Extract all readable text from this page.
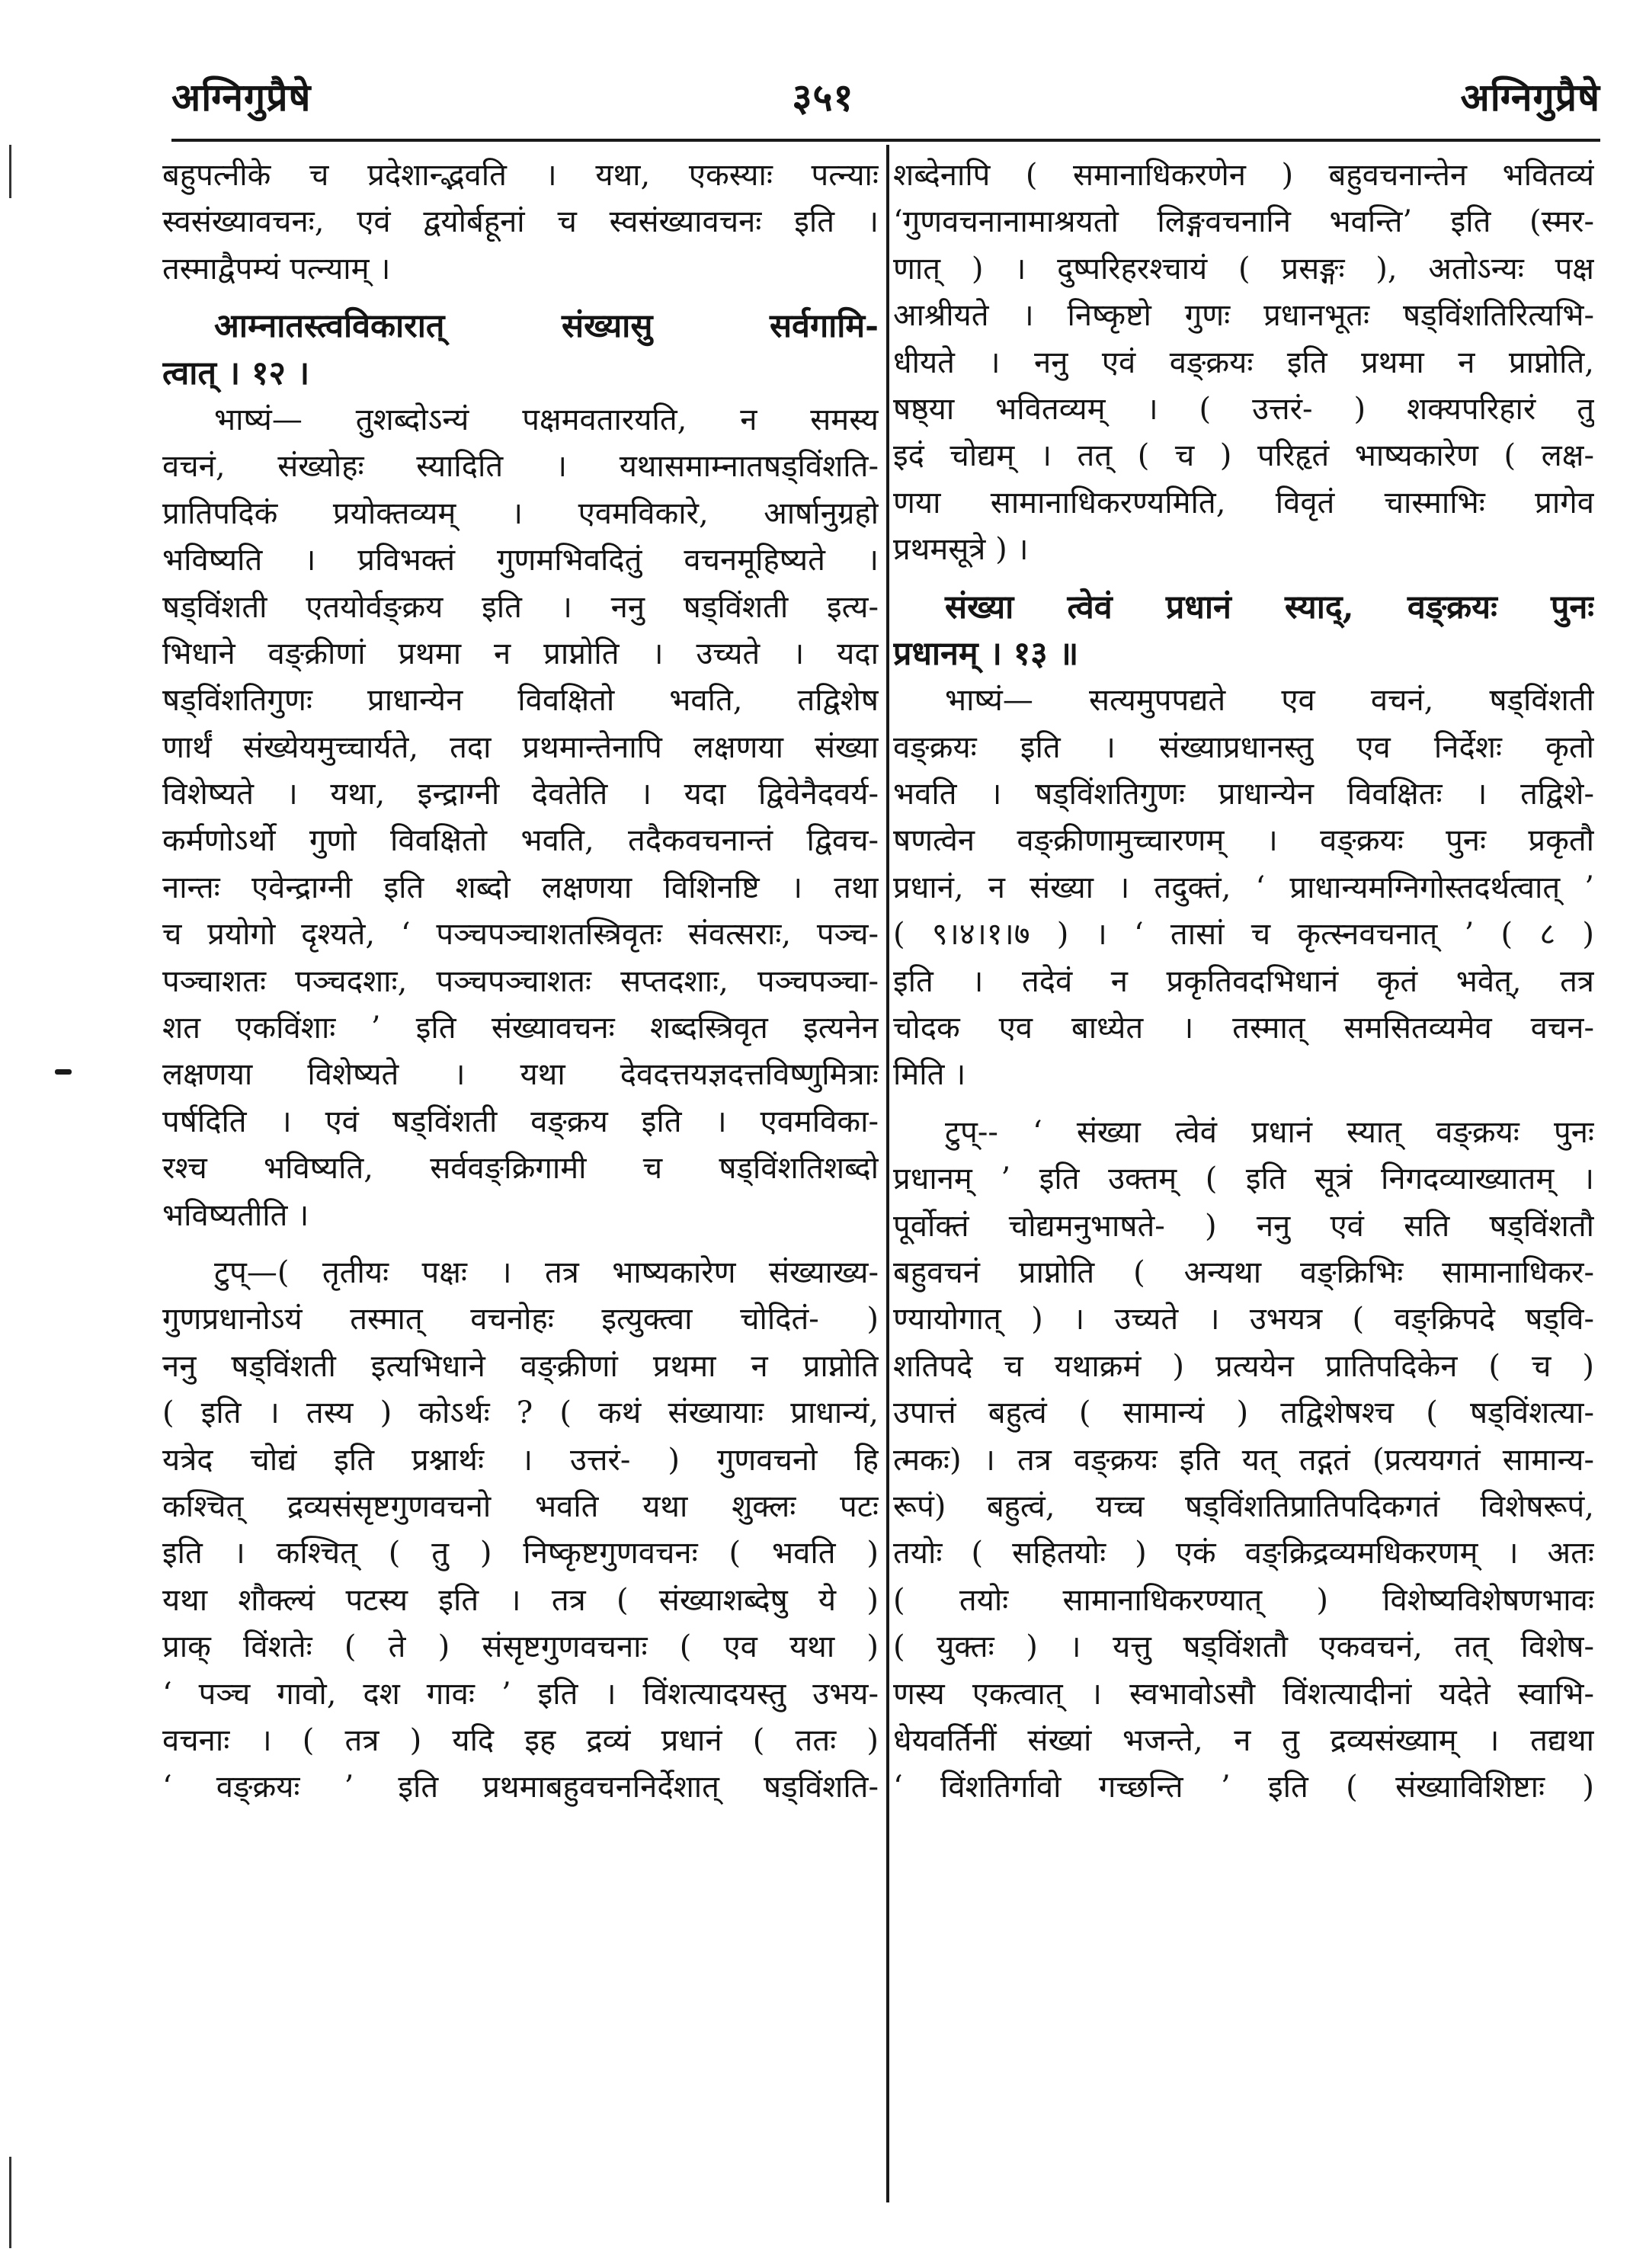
अग्निगुप्रैषे	३५१	अग्निगुप्रैषे
बहुपत्नीके च प्रदेशान्द्भवति । यथा, एकस्याः पत्न्याः
स्वसंख्यावचनः, एवं द्वयोर्बहूनां च स्वसंख्यावचनः इति ।
तस्माद्वैपम्यं पत्न्याम् ।
आम्नातस्त्वविकारात् संख्यासु सर्वगामि-
त्वात् । १२ ।
भाष्यं— तुशब्दोऽन्यं पक्षमवतारयति, न समस्य
वचनं, संख्योहः स्यादिति । यथासमाम्नातषड्विंशति-
प्रातिपदिकं प्रयोक्तव्यम् । एवमविकारे, आर्षानुग्रहो
भविष्यति । प्रविभक्तं गुणमभिवदितुं वचनमूहिष्यते ।
षड्विंशती एतयोर्वङ्क्रय इति । ननु षड्विंशती इत्य-
भिधाने वङ्क्रीणां प्रथमा न प्राप्नोति । उच्यते । यदा
षड्विंशतिगुणः प्राधान्येन विवक्षितो भवति, तद्विशेष
णार्थं संख्येयमुच्चार्यते, तदा प्रथमान्तेनापि लक्षणया संख्या
विशेष्यते । यथा, इन्द्राग्नी देवतेति । यदा द्विवेनैदवर्य-
कर्मणोऽर्थो गुणो विवक्षितो भवति, तदैकवचनान्तं द्विवच-
नान्तः एवेन्द्राग्नी इति शब्दो लक्षणया विशिनष्टि । तथा
च प्रयोगो दृश्यते, ‘ पञ्चपञ्चाशतस्त्रिवृतः संवत्सराः, पञ्च-
पञ्चाशतः पञ्चदशाः, पञ्चपञ्चाशतः सप्तदशाः, पञ्चपञ्चा-
शत एकविंशाः ’ इति संख्यावचनः शब्दस्त्रिवृत इत्यनेन
लक्षणया विशेष्यते । यथा देवदत्तयज्ञदत्तविष्णुमित्राः
पर्षदिति । एवं षड्विंशती वङ्क्रय इति । एवमविका-
रश्च भविष्यति, सर्ववङ्क्रिगामी च षड्विंशतिशब्दो
भविष्यतीति ।
टुप्—( तृतीयः पक्षः । तत्र भाष्यकारेण संख्याख्य-
गुणप्रधानोऽयं तस्मात् वचनोहः इत्युक्त्वा चोदितं- )
ननु षड्विंशती इत्यभिधाने वङ्क्रीणां प्रथमा न प्राप्नोति
( इति । तस्य ) कोऽर्थः ? ( कथं संख्यायाः प्राधान्यं,
यत्रेद चोद्यं इति प्रश्नार्थः । उत्तरं- ) गुणवचनो हि
कश्चित् द्रव्यसंसृष्टगुणवचनो भवति यथा शुक्लः पटः
इति । कश्चित् ( तु ) निष्कृष्टगुणवचनः ( भवति )
यथा शौक्ल्यं पटस्य इति । तत्र ( संख्याशब्देषु ये )
प्राक् विंशतेः ( ते ) संसृष्टगुणवचनाः ( एव यथा )
‘ पञ्च गावो, दश गावः ’ इति । विंशत्यादयस्तु उभय-
वचनाः । ( तत्र ) यदि इह द्रव्यं प्रधानं ( ततः )
‘ वङ्क्रयः ’ इति प्रथमाबहुवचननिर्देशात् षड्विंशति-
शब्देनापि ( समानाधिकरणेन ) बहुवचनान्तेन भवितव्यं
‘गुणवचनानामाश्रयतो लिङ्गवचनानि भवन्ति’ इति (स्मर-
णात् ) । दुष्परिहरश्चायं ( प्रसङ्गः ), अतोऽन्यः पक्ष
आश्रीयते । निष्कृष्टो गुणः प्रधानभूतः षड्विंशतिरित्यभि-
धीयते । ननु एवं वङ्क्रयः इति प्रथमा न प्राप्नोति,
षष्ठ्या भवितव्यम् । ( उत्तरं- ) शक्यपरिहारं तु
इदं चोद्यम् । तत् ( च ) परिहृतं भाष्यकारेण ( लक्ष-
णया सामानाधिकरण्यमिति, विवृतं चास्माभिः प्रागेव
प्रथमसूत्रे ) ।
संख्या त्वेवं प्रधानं स्याद्, वङ्क्रयः पुनः
प्रधानम् । १३ ॥
भाष्यं— सत्यमुपपद्यते एव वचनं, षड्विंशती
वङ्क्रयः इति । संख्याप्रधानस्तु एव निर्देशः कृतो
भवति । षड्विंशतिगुणः प्राधान्येन विवक्षितः । तद्विशे-
षणत्वेन वङ्क्रीणामुच्चारणम् । वङ्क्रयः पुनः प्रकृतौ
प्रधानं, न संख्या । तदुक्तं, ‘ प्राधान्यमग्निगोस्तदर्थत्वात् ’
( ९।४।१।७ ) । ‘ तासां च कृत्स्नवचनात् ’ ( ८ )
इति । तदेवं न प्रकृतिवदभिधानं कृतं भवेत्, तत्र
चोदक एव बाध्येत । तस्मात् समसितव्यमेव वचन-
मिति ।
टुप्-- ‘ संख्या त्वेवं प्रधानं स्यात् वङ्क्रयः पुनः
प्रधानम् ’ इति उक्तम् ( इति सूत्रं निगदव्याख्यातम् ।
पूर्वोक्तं चोद्यमनुभाषते- ) ननु एवं सति षड्विंशतौ
बहुवचनं प्राप्नोति ( अन्यथा वङ्क्रिभिः सामानाधिकर-
ण्यायोगात् ) । उच्यते । उभयत्र ( वङ्क्रिपदे षड्वि-
शतिपदे च यथाक्रमं ) प्रत्ययेन प्रातिपदिकेन ( च )
उपात्तं बहुत्वं ( सामान्यं ) तद्विशेषश्च ( षड्विंशत्या-
त्मकः) । तत्र वङ्क्रयः इति यत् तद्गतं (प्रत्ययगतं सामान्य-
रूपं) बहुत्वं, यच्च षड्विंशतिप्रातिपदिकगतं विशेषरूपं,
तयोः ( सहितयोः ) एकं वङ्क्रिद्रव्यमधिकरणम् । अतः
( तयोः सामानाधिकरण्यात् ) विशेष्यविशेषणभावः
( युक्तः ) । यत्तु षड्विंशतौ एकवचनं, तत् विशेष-
णस्य एकत्वात् । स्वभावोऽसौ विंशत्यादीनां यदेते स्वाभि-
धेयवर्तिनीं संख्यां भजन्ते, न तु द्रव्यसंख्याम् । तद्यथा
‘ विंशतिर्गावो गच्छन्ति ’ इति ( संख्याविशिष्टाः )
